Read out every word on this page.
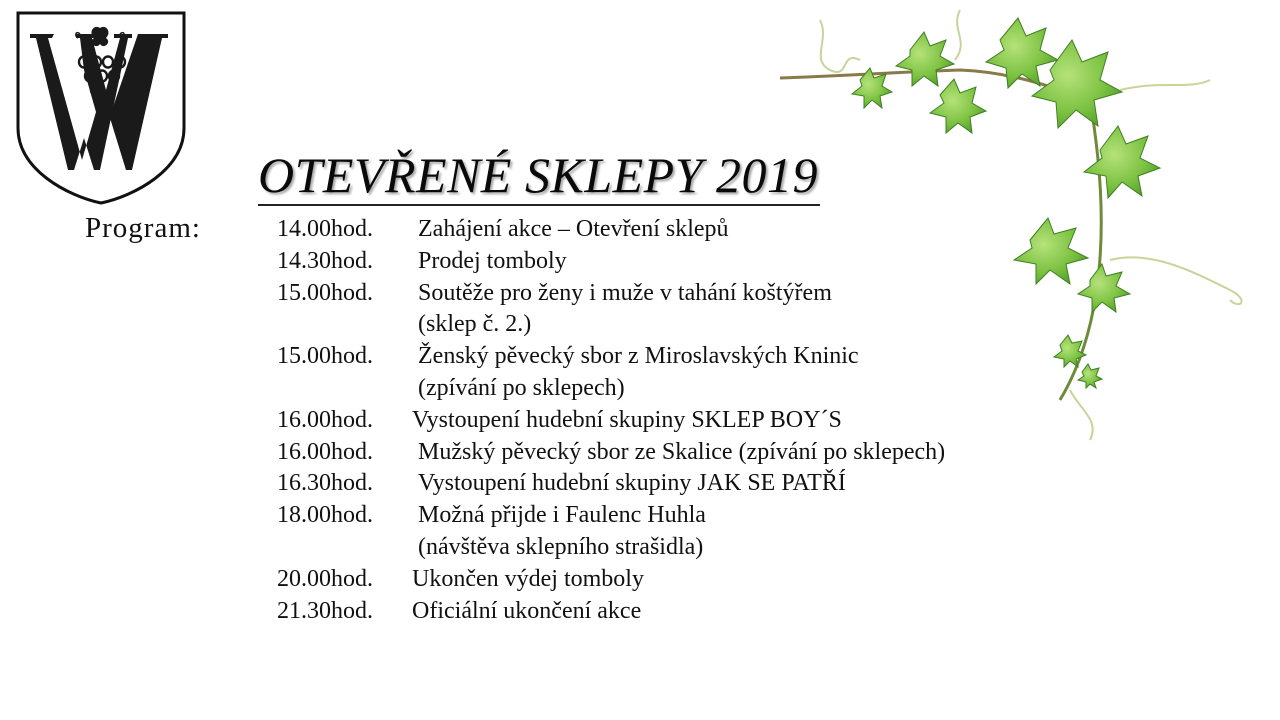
OTEVŘENÉ SKLEPY 2019
Program:	14.00hod. Zahájení akce – Otevření sklepů
14.30hod. Prodej tomboly
15.00hod. Soutěže pro ženy i muže v tahání koštýřem
(sklep č. 2.)
15.00hod. Ženský pěvecký sbor z Miroslavských Kninic
(zpívání po sklepech)
16.00hod. Vystoupení hudební skupiny SKLEP BOY´S
16.00hod. Mužský pěvecký sbor ze Skalice (zpívání po sklepech)
16.30hod. Vystoupení hudební skupiny JAK SE PATŘÍ
18.00hod. Možná přijde i Faulenc Huhla
(návštěva sklepního strašidla)
20.00hod. Ukončen výdej tomboly
21.30hod. Oficiální ukončení akce
